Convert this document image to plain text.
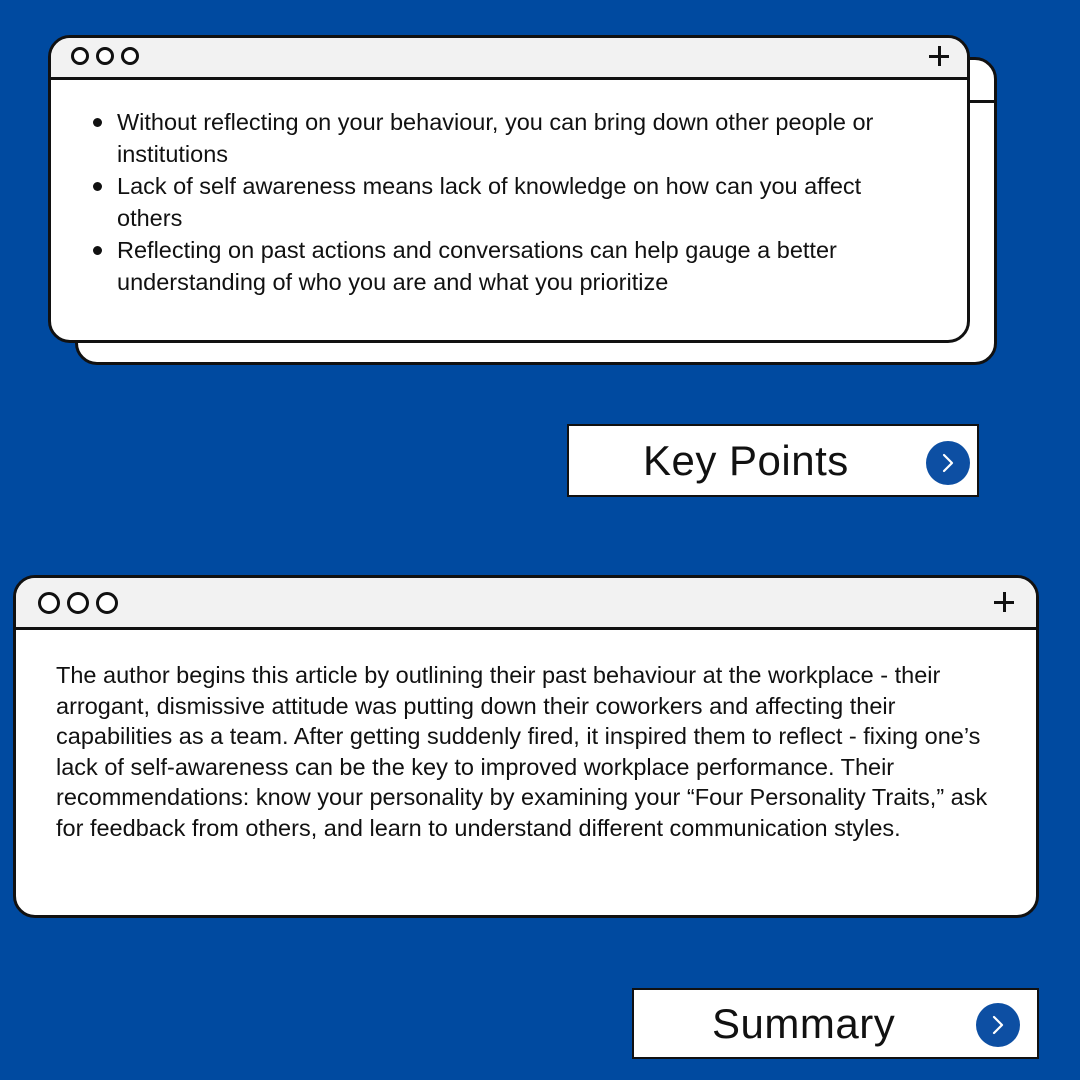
Without reflecting on your behaviour, you can bring down other people or institutions
Lack of self awareness means lack of knowledge on how can you affect others
Reflecting on past actions and conversations can help gauge a better understanding of who you are and what you prioritize
Key Points

The author begins this article by outlining their past behaviour at the workplace - their arrogant, dismissive attitude was putting down their coworkers and affecting their capabilities as a team. After getting suddenly fired, it inspired them to reflect - fixing one’s lack of self-awareness can be the key to improved workplace performance. Their recommendations: know your personality by examining your “Four Personality Traits,” ask for feedback from others, and learn to understand different communication styles.

Summary
